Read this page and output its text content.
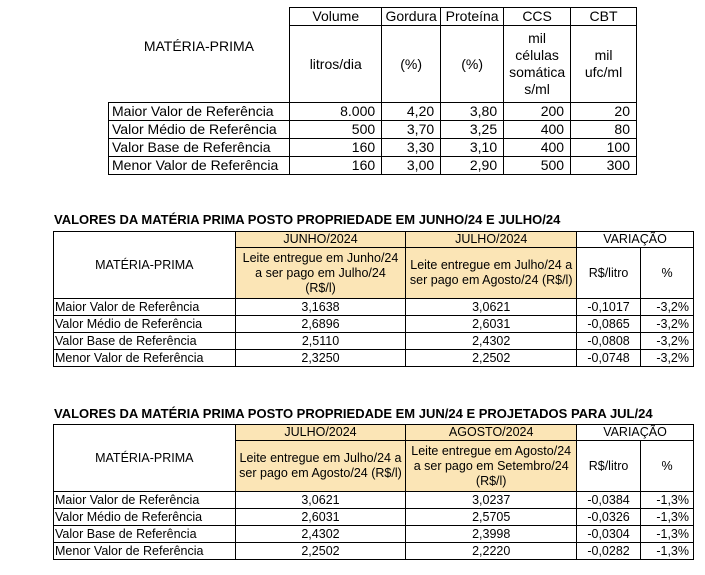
MATÉRIA-PRIMA	Volume	Gordura	Proteína	CCS	CBT
	litros/dia	(%)	(%)	mil células somática s/ml	mil ufc/ml
Maior Valor de Referência	8.000	4,20	3,80	200	20
Valor Médio de Referência	500	3,70	3,25	400	80
Valor Base de Referência	160	3,30	3,10	400	100
Menor Valor de Referência	160	3,00	2,90	500	300
VALORES DA MATÉRIA PRIMA POSTO PROPRIEDADE EM JUNHO/24 E JULHO/24
MATÉRIA-PRIMA	JUNHO/2024	JULHO/2024	VARIAÇÃO	
	Leite entregue em Junho/24 a ser pago em Julho/24 (R$/l)	Leite entregue em Julho/24 a ser pago em Agosto/24 (R$/l)	R$/litro	%
Maior Valor de Referência	3,1638	3,0621	-0,1017	-3,2%
Valor Médio de Referência	2,6896	2,6031	-0,0865	-3,2%
Valor Base de Referência	2,5110	2,4302	-0,0808	-3,2%
Menor Valor de Referência	2,3250	2,2502	-0,0748	-3,2%
VALORES DA MATÉRIA PRIMA POSTO PROPRIEDADE EM JUN/24 E PROJETADOS PARA JUL/24
MATÉRIA-PRIMA	JULHO/2024	AGOSTO/2024	VARIAÇÃO	
	Leite entregue em Julho/24 a ser pago em Agosto/24 (R$/l)	Leite entregue em Agosto/24 a ser pago em Setembro/24 (R$/l)	R$/litro	%
Maior Valor de Referência	3,0621	3,0237	-0,0384	-1,3%
Valor Médio de Referência	2,6031	2,5705	-0,0326	-1,3%
Valor Base de Referência	2,4302	2,3998	-0,0304	-1,3%
Menor Valor de Referência	2,2502	2,2220	-0,0282	-1,3%
